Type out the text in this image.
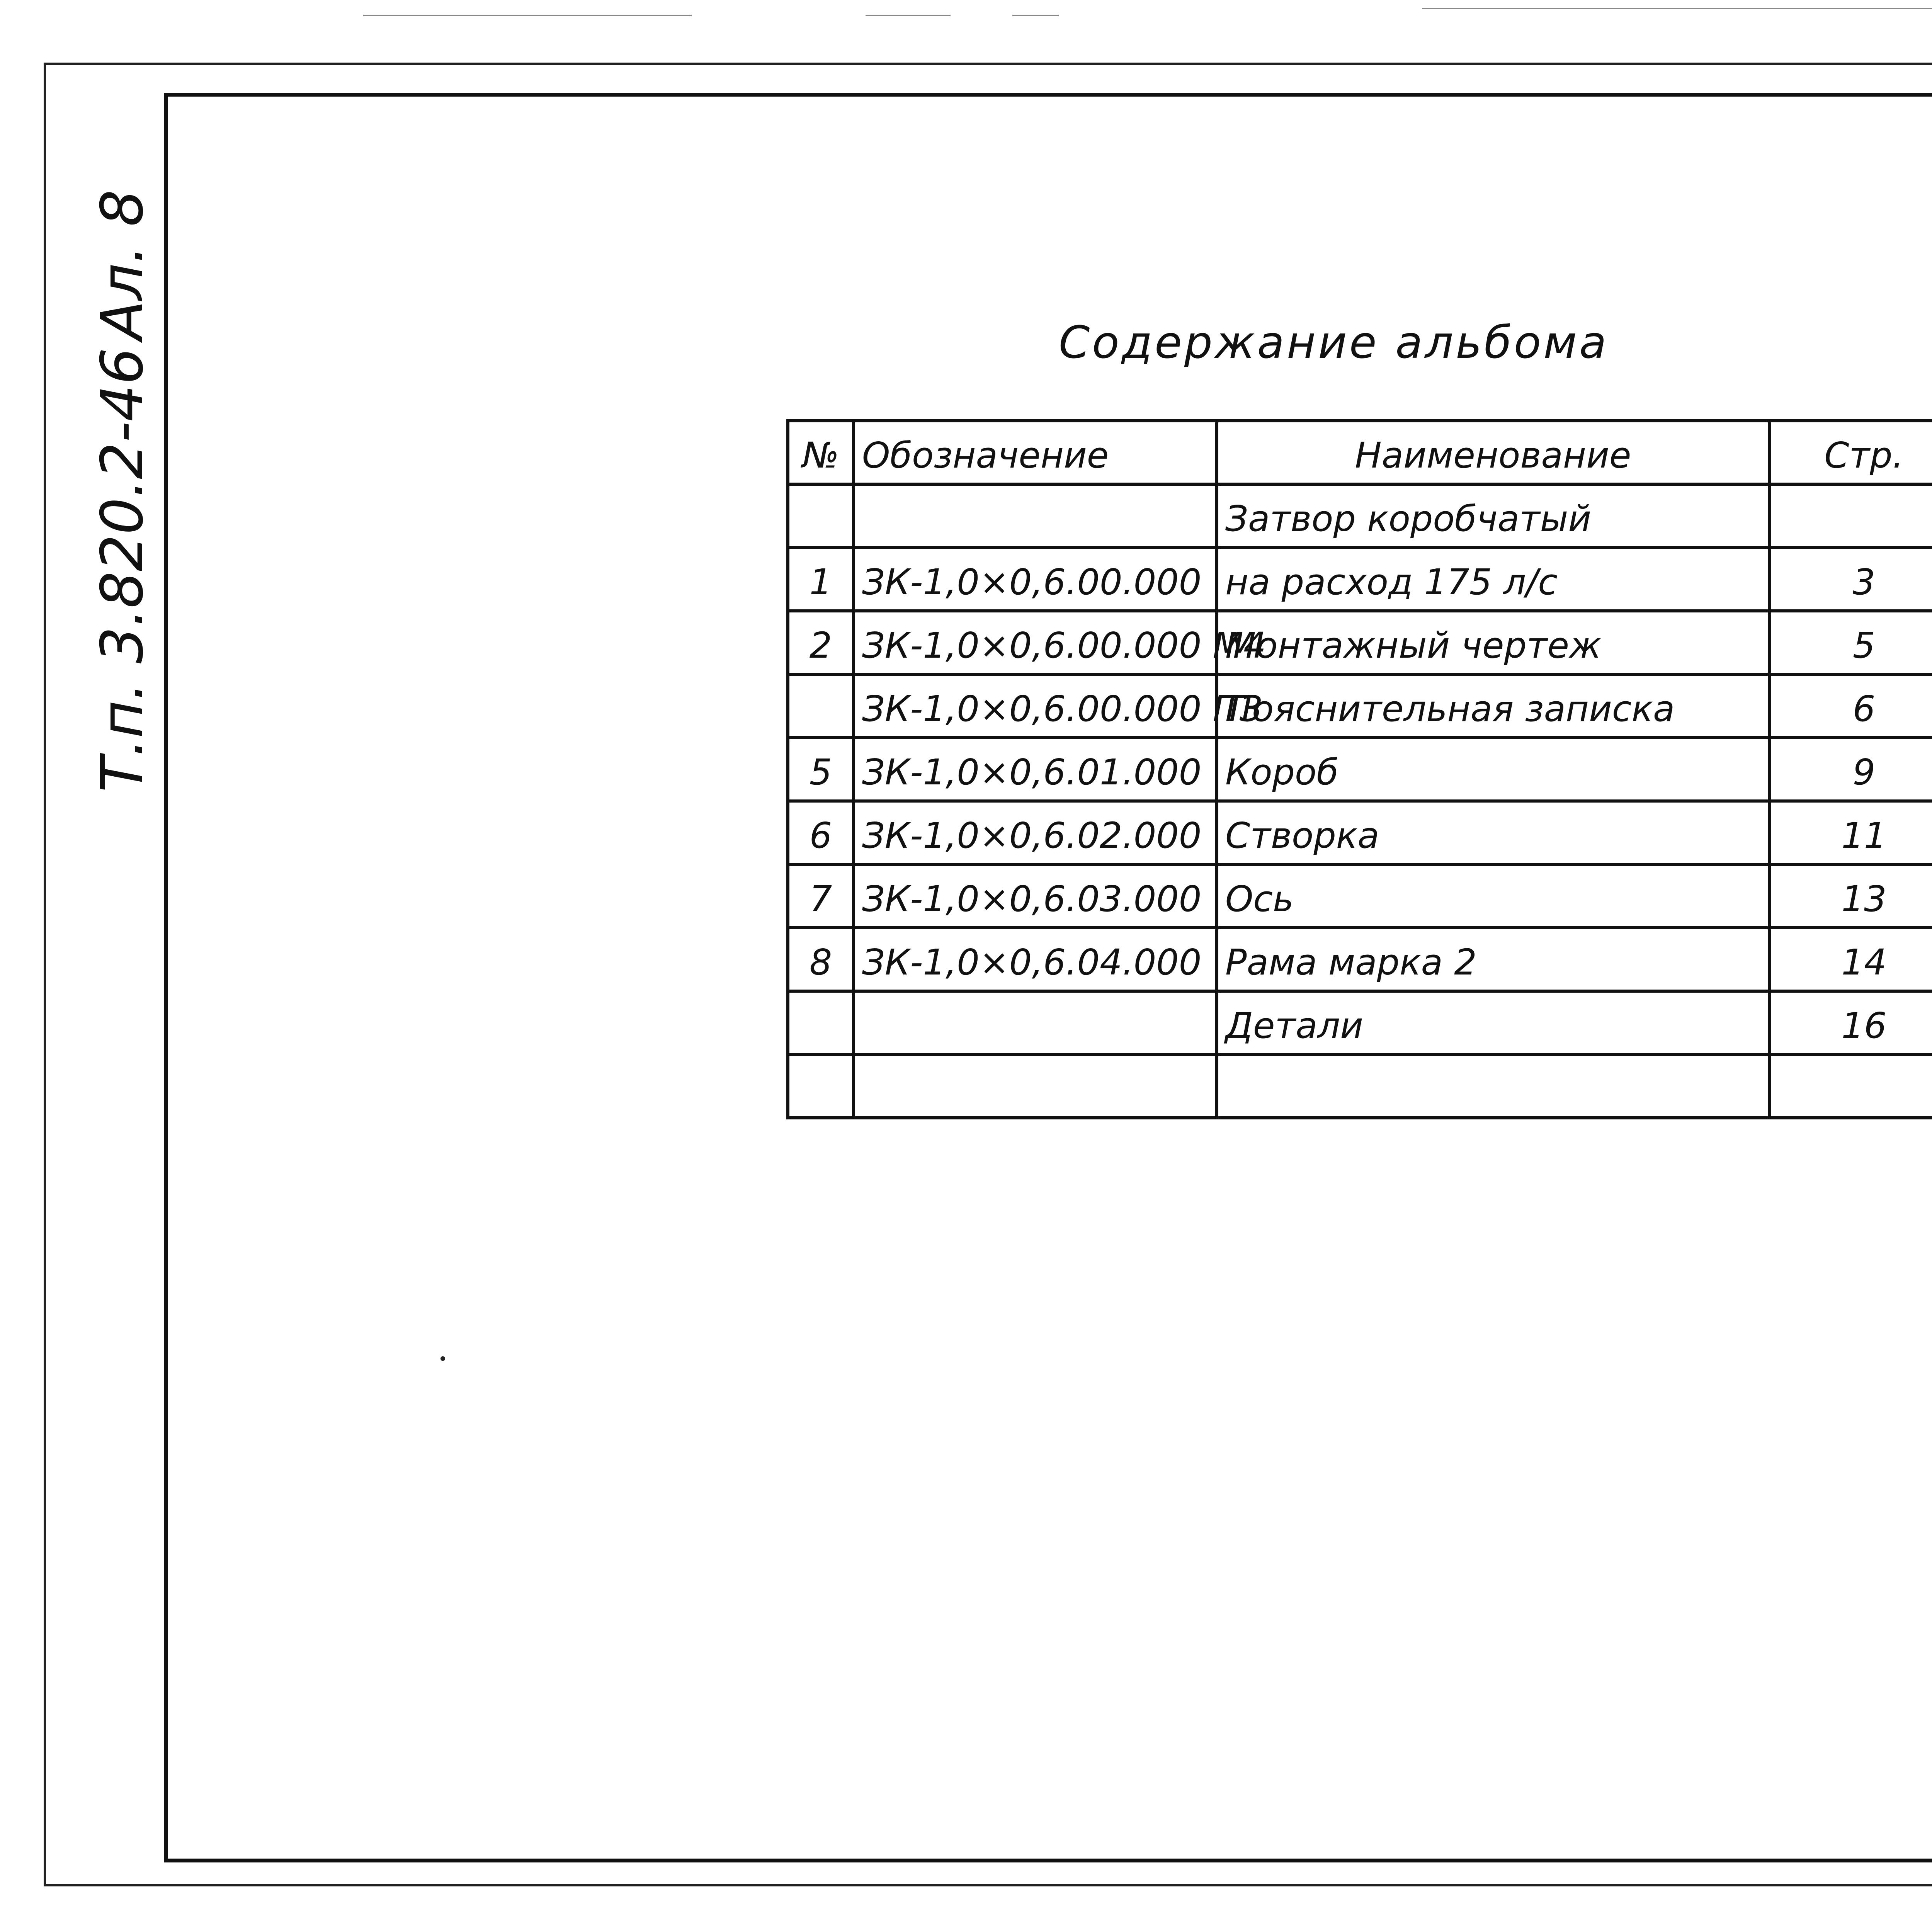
Ал. 8
Т.п. 3.820.2-46
Содержание альбома
№	Обозначение	Наименование	Стр.
		Затвор коробчатый	
1	ЗК-1,0×0,6.00.000	на расход 175 л/с	3
2	ЗК-1,0×0,6.00.000 М4	Монтажный чертеж	5
	ЗК-1,0×0,6.00.000 ПЗ	Пояснительная записка	6
5	ЗК-1,0×0,6.01.000	Короб	9
6	ЗК-1,0×0,6.02.000	Створка	11
7	ЗК-1,0×0,6.03.000	Ось	13
8	ЗК-1,0×0,6.04.000	Рама марка 2	14
		Детали	16
